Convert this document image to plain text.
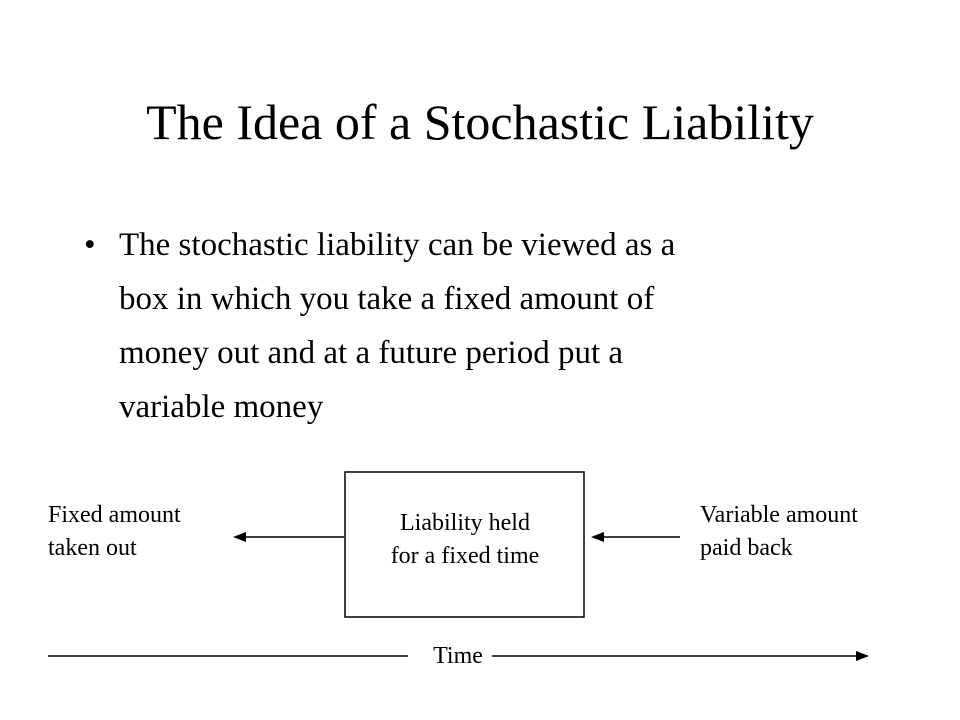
The Idea of a Stochastic Liability
• The stochastic liability can be viewed as a
box in which you take a fixed amount of
money out and at a future period put a
variable money
Fixed amount
taken out
Liability held
for a fixed time
Variable amount
paid back
Time
